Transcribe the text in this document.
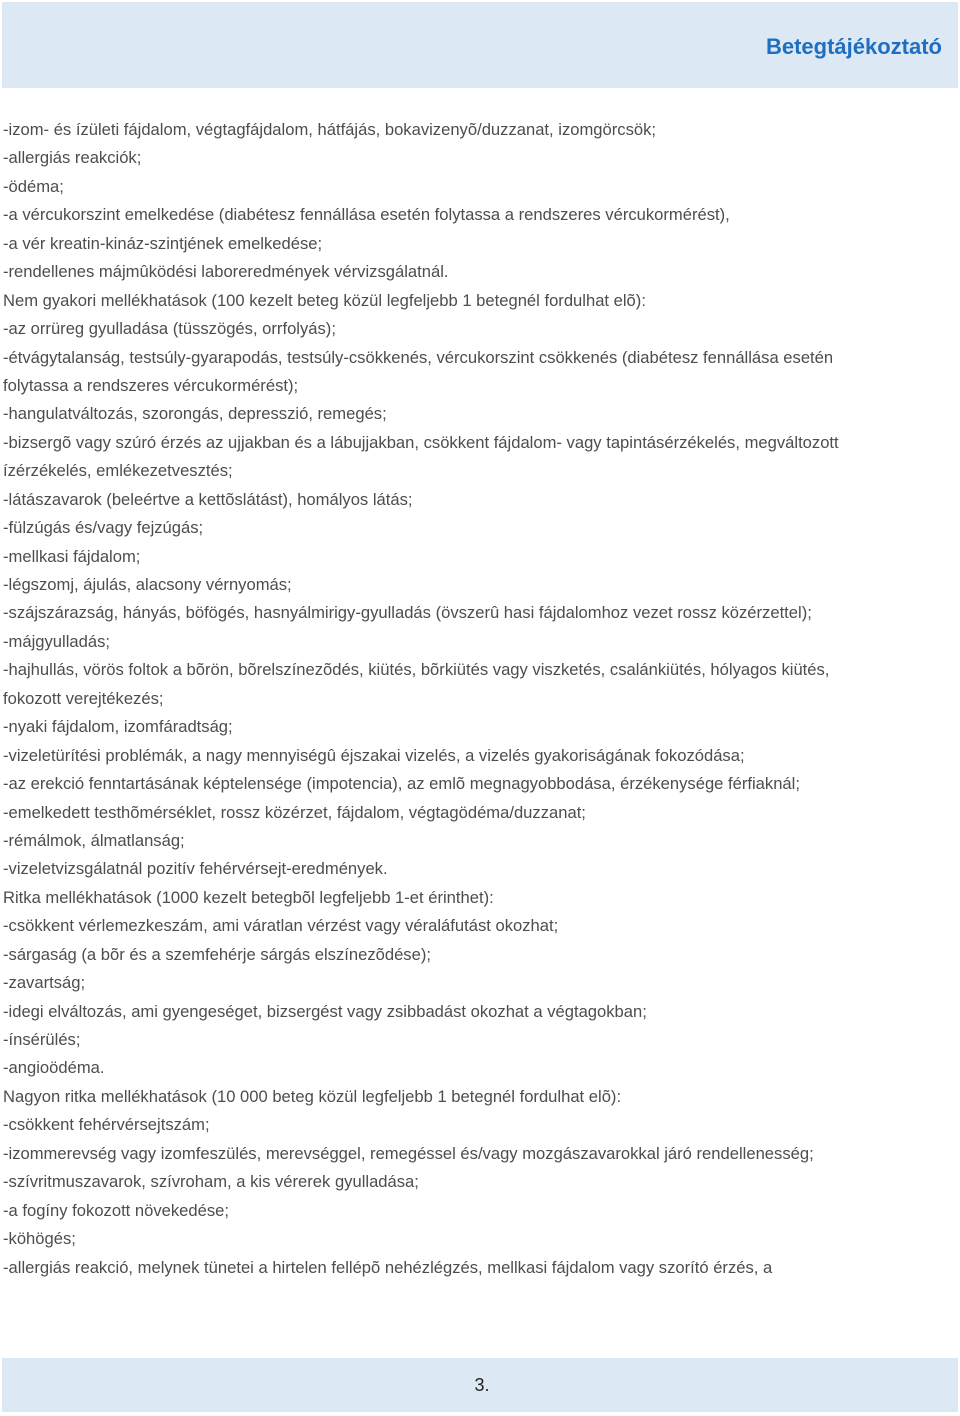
Betegtájékoztató
-izom- és ízületi fájdalom, végtagfájdalom, hátfájás, bokavizenyõ/duzzanat, izomgörcsök;
-allergiás reakciók;
-ödéma;
-a vércukorszint emelkedése (diabétesz fennállása esetén folytassa a rendszeres vércukormérést),
-a vér kreatin-kináz-szintjének emelkedése;
-rendellenes májmûködési laboreredmények vérvizsgálatnál.
Nem gyakori mellékhatások (100 kezelt beteg közül legfeljebb 1 betegnél fordulhat elõ):
-az orrüreg gyulladása (tüsszögés, orrfolyás);
-étvágytalanság, testsúly-gyarapodás, testsúly-csökkenés, vércukorszint csökkenés (diabétesz fennállása esetén
folytassa a rendszeres vércukormérést);
-hangulatváltozás, szorongás, depresszió, remegés;
-bizsergõ vagy szúró érzés az ujjakban és a lábujjakban, csökkent fájdalom- vagy tapintásérzékelés, megváltozott
ízérzékelés, emlékezetvesztés;
-látászavarok (beleértve a kettõslátást), homályos látás;
-fülzúgás és/vagy fejzúgás;
-mellkasi fájdalom;
-légszomj, ájulás, alacsony vérnyomás;
-szájszárazság, hányás, böfögés, hasnyálmirigy-gyulladás (övszerû hasi fájdalomhoz vezet rossz közérzettel);
-májgyulladás;
-hajhullás, vörös foltok a bõrön, bõrelszínezõdés, kiütés, bõrkiütés vagy viszketés, csalánkiütés, hólyagos kiütés,
fokozott verejtékezés;
-nyaki fájdalom, izomfáradtság;
-vizeletürítési problémák, a nagy mennyiségû éjszakai vizelés, a vizelés gyakoriságának fokozódása;
-az erekció fenntartásának képtelensége (impotencia), az emlõ megnagyobbodása, érzékenysége férfiaknál;
-emelkedett testhõmérséklet, rossz közérzet, fájdalom, végtagödéma/duzzanat;
-rémálmok, álmatlanság;
-vizeletvizsgálatnál pozitív fehérvérsejt-eredmények.
Ritka mellékhatások (1000 kezelt betegbõl legfeljebb 1-et érinthet):
-csökkent vérlemezkeszám, ami váratlan vérzést vagy véraláfutást okozhat;
-sárgaság (a bõr és a szemfehérje sárgás elszínezõdése);
-zavartság;
-idegi elváltozás, ami gyengeséget, bizsergést vagy zsibbadást okozhat a végtagokban;
-ínsérülés;
-angioödéma.
Nagyon ritka mellékhatások (10 000 beteg közül legfeljebb 1 betegnél fordulhat elõ):
-csökkent fehérvérsejtszám;
-izommerevség vagy izomfeszülés, merevséggel, remegéssel és/vagy mozgászavarokkal járó rendellenesség;
-szívritmuszavarok, szívroham, a kis vérerek gyulladása;
-a fogíny fokozott növekedése;
-köhögés;
-allergiás reakció, melynek tünetei a hirtelen fellépõ nehézlégzés, mellkasi fájdalom vagy szorító érzés, a
3.
